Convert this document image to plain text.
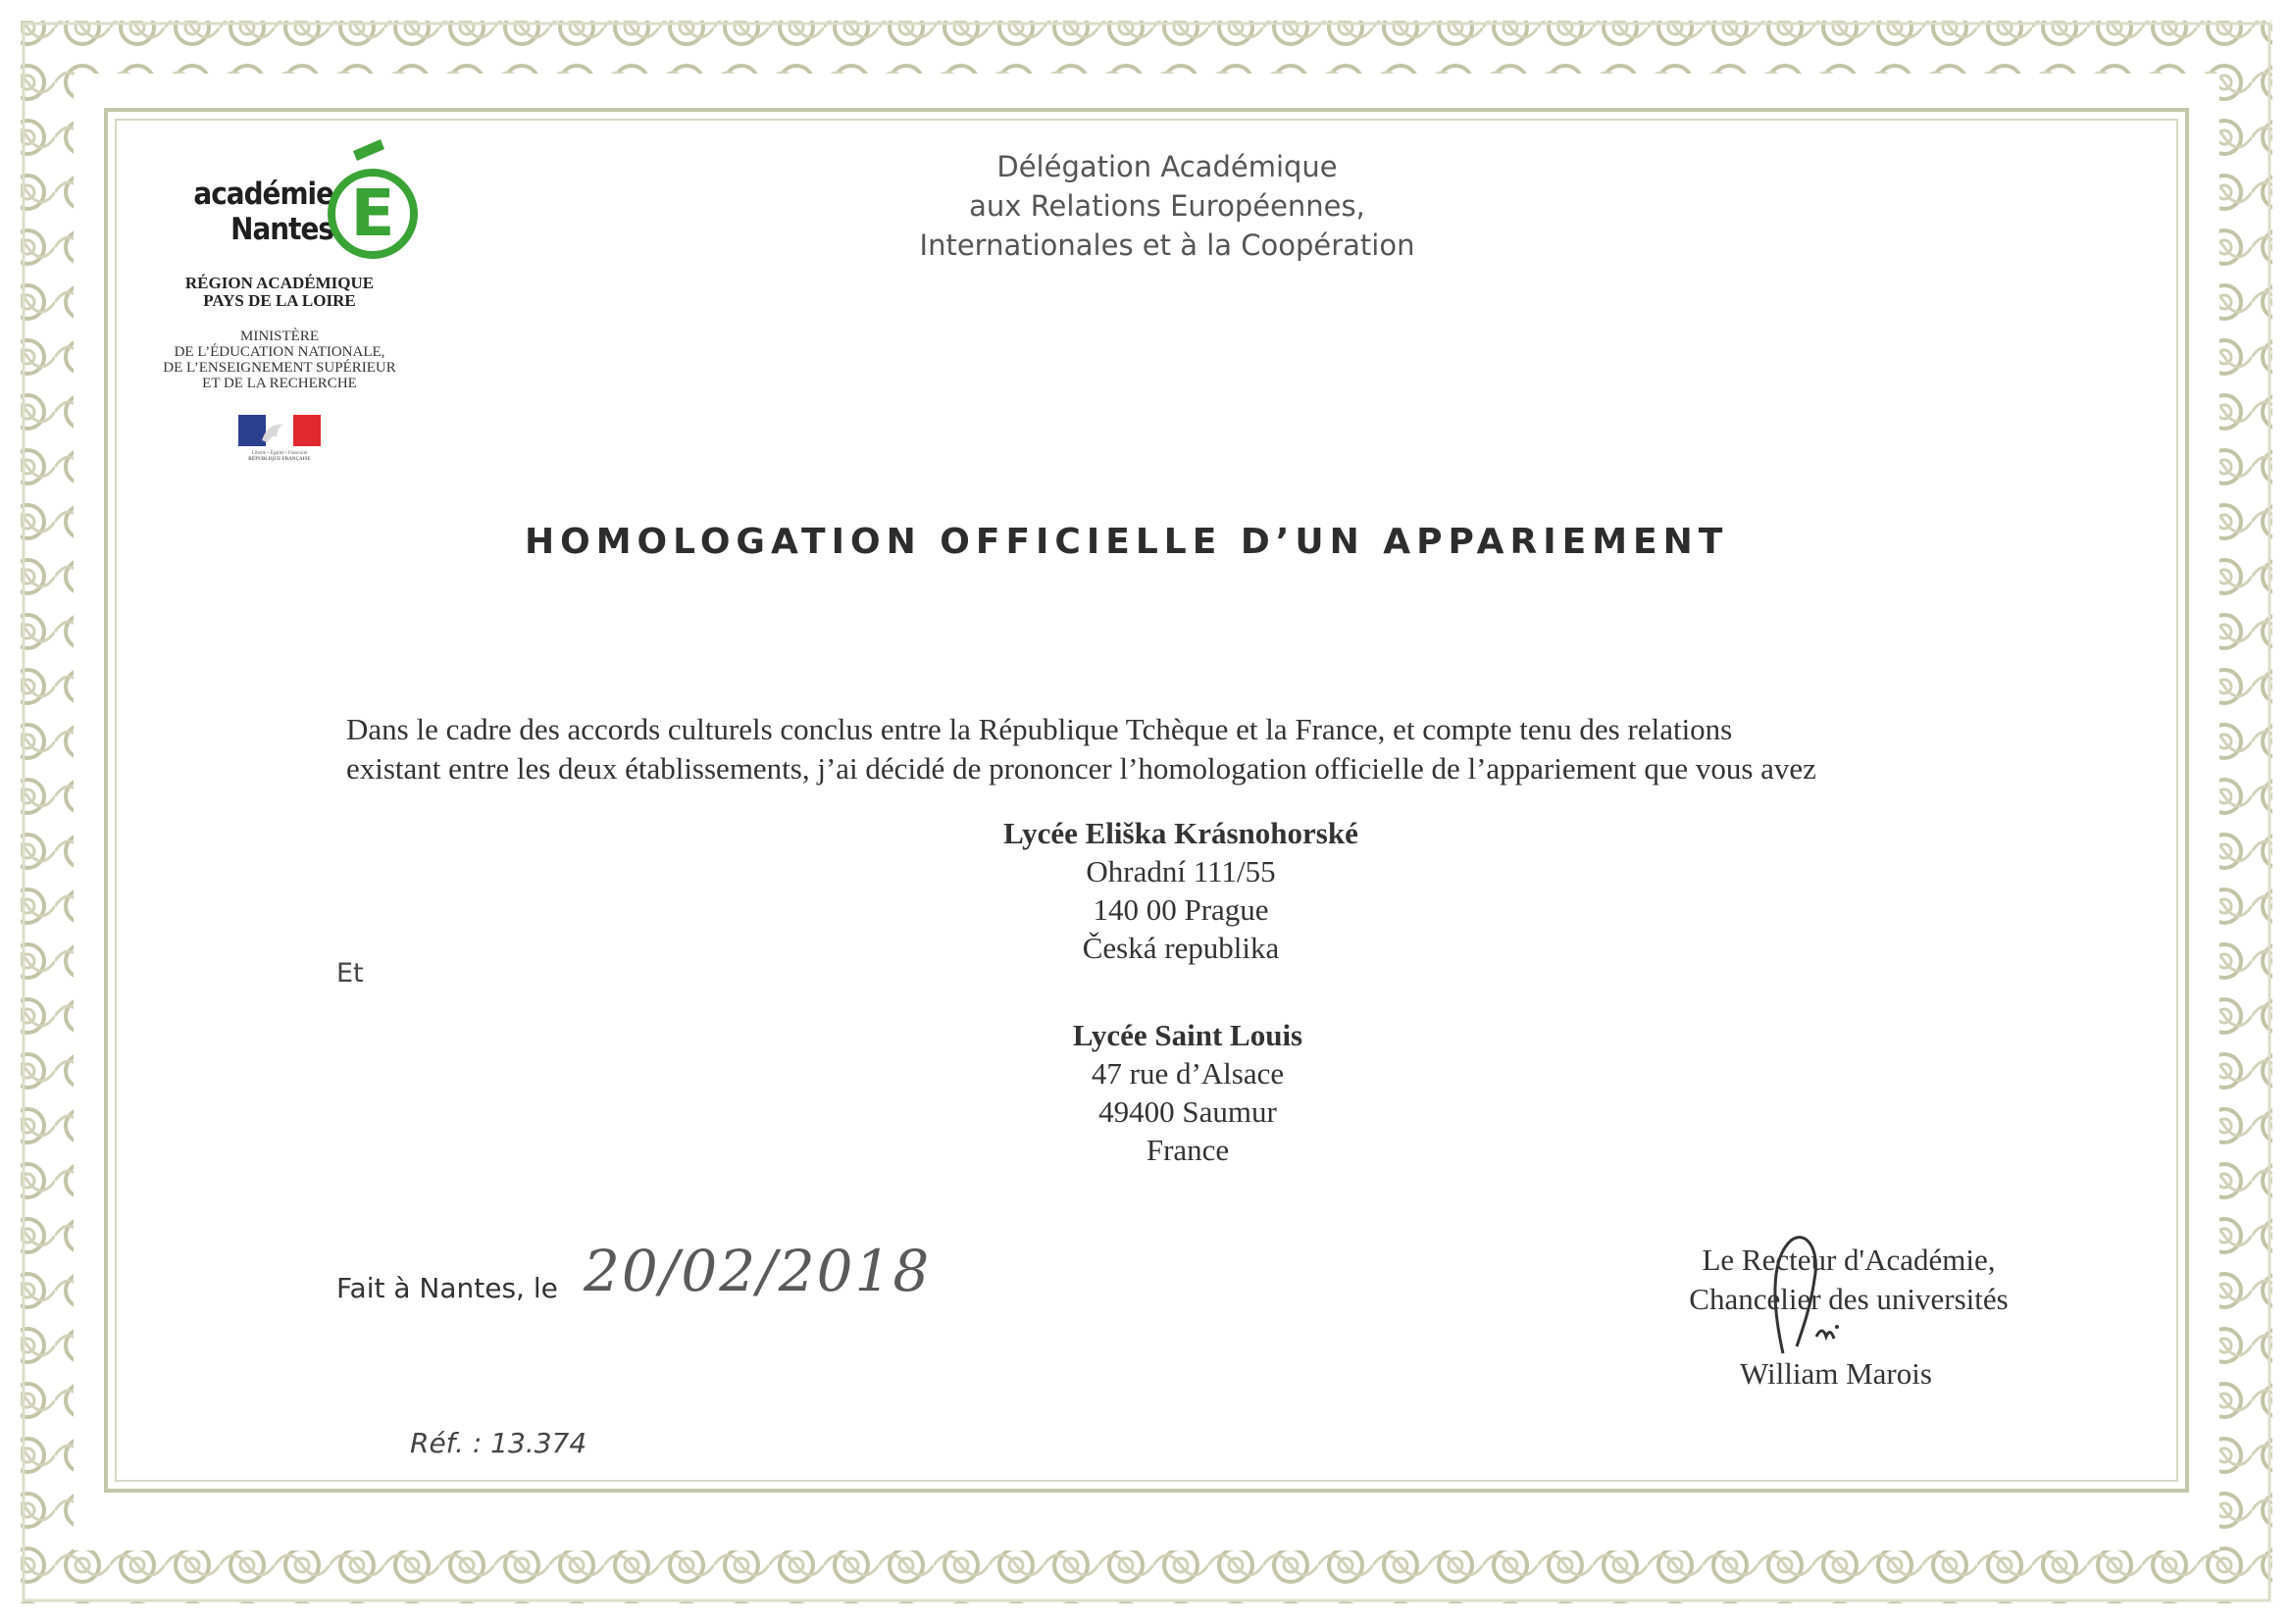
académie
Nantes E
RÉGION ACADÉMIQUE
PAYS DE LA LOIRE
MINISTÈRE
DE L’ÉDUCATION NATIONALE,
DE L’ENSEIGNEMENT SUPÉRIEUR
ET DE LA RECHERCHE
Liberté • Égalité • Fraternité
RÉPUBLIQUE FRANÇAISE
Délégation Académique
aux Relations Européennes,
Internationales et à la Coopération
HOMOLOGATION OFFICIELLE D’UN APPARIEMENT
Dans le cadre des accords culturels conclus entre la République Tchèque et la France, et compte tenu des relations
existant entre les deux établissements, j’ai décidé de prononcer l’homologation officielle de l’appariement que vous avez
Lycée Eliška Krásnohorské
Ohradní 111/55
140 00 Prague
Česká republika
Et
Lycée Saint Louis
47 rue d’Alsace
49400 Saumur
France
Fait à Nantes, le 20/02/2018
Réf. : 13.374
Le Recteur d'Académie,
Chancelier des universités
William Marois
